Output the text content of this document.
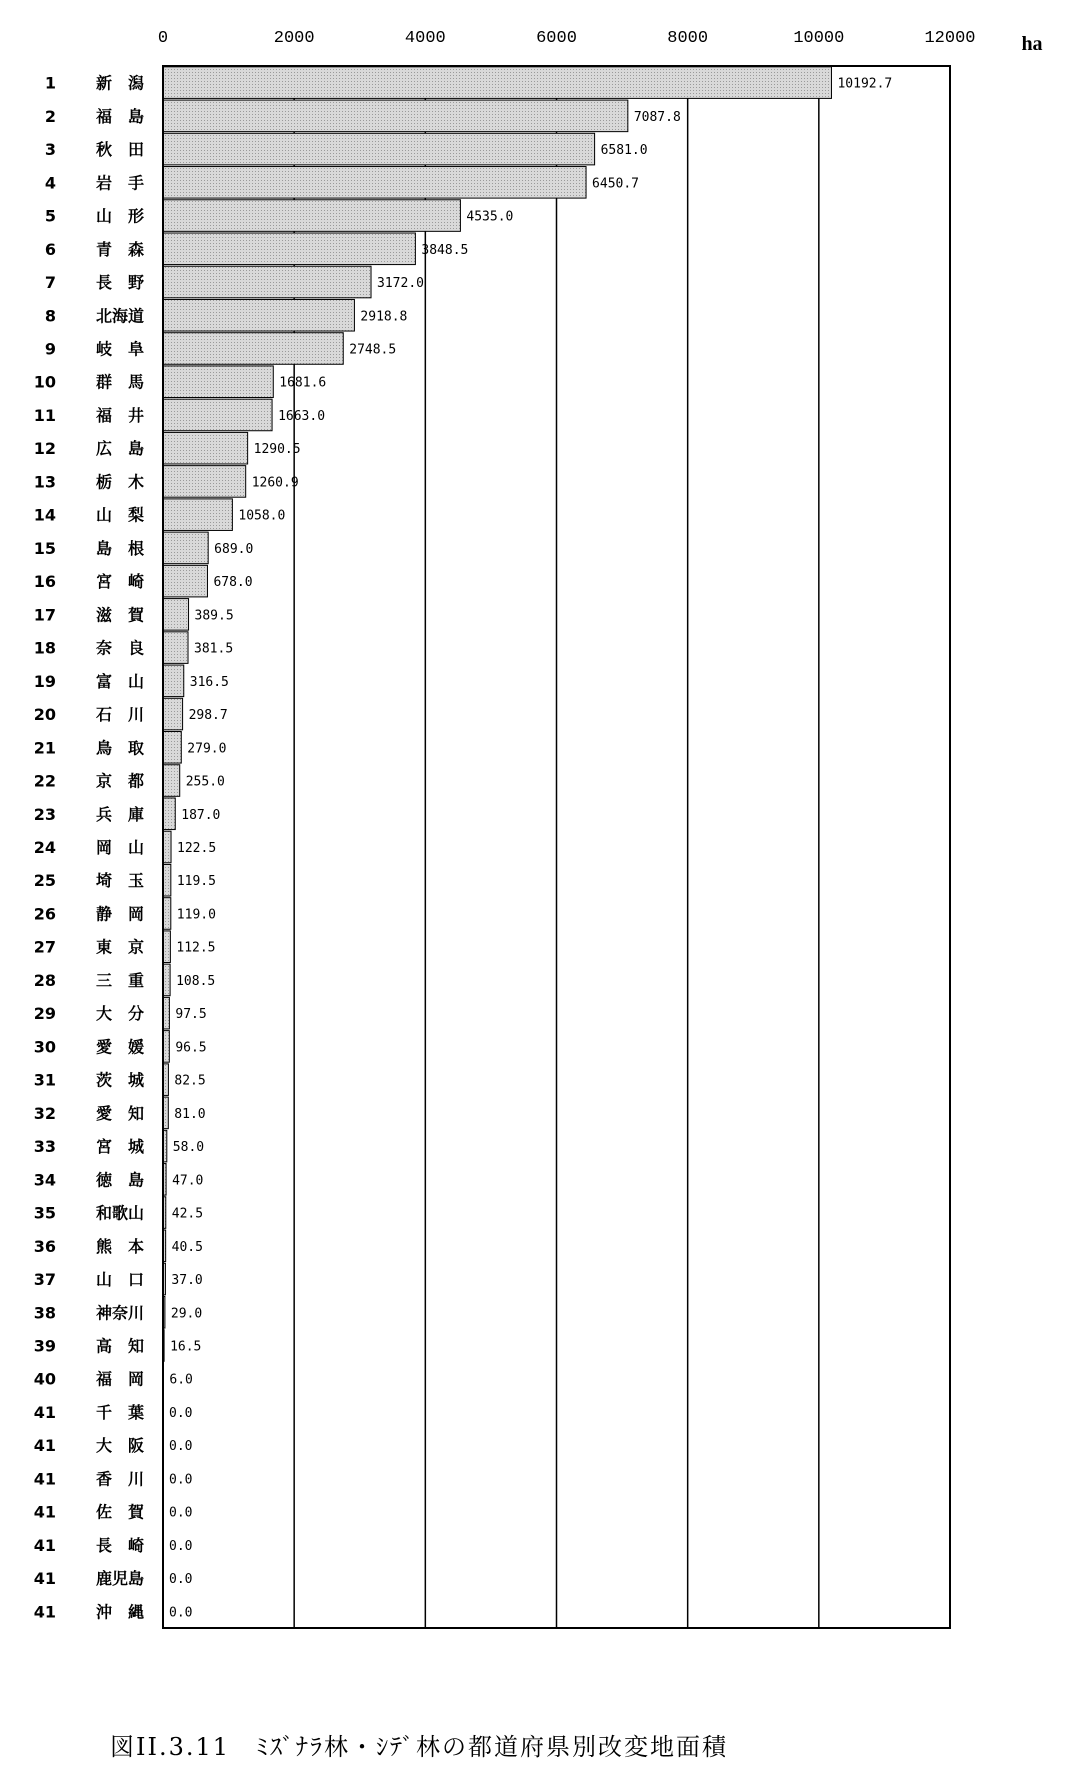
0	2000	4000	6000	8000	10000	12000 ha
1	新　潟	10192.7
2	福　島	7087.8
3	秋　田	6581.0
4	岩　手	6450.7
5	山　形	4535.0
6	青　森	3848.5
7	長　野	3172.0
8	北海道	2918.8
9	岐　阜	2748.5
10	群　馬	1681.6
11	福　井	1663.0
12	広　島	1290.5
13	栃　木	1260.9
14	山　梨	1058.0
15	島　根	689.0
16	宮　崎	678.0
17	滋　賀	389.5
18	奈　良	381.5
19	富　山	316.5
20	石　川	298.7
21	鳥　取	279.0
22	京　都	255.0
23	兵　庫	187.0
24	岡　山	122.5
25	埼　玉	119.5
26	静　岡	119.0
27	東　京 112.5
28	三　重 108.5
29	大　分 97.5
30	愛　媛 96.5
31	茨　城 82.5
32	愛　知 81.0
33	宮　城 58.0
34	徳　島 47.0
35	和歌山 42.5
36	熊　本 40.5
37	山　口 37.0
38	神奈川 29.0
39	高　知 16.5
40	福　岡 6.0
41	千　葉 0.0
41	大　阪 0.0
41	香　川 0.0
41	佐　賀 0.0
41	長　崎 0.0
41	鹿児島 0.0
41	沖　縄 0.0
図II.3.11　ﾐｽﾞﾅﾗ林・ｼﾃﾞ林の都道府県別改変地面積
